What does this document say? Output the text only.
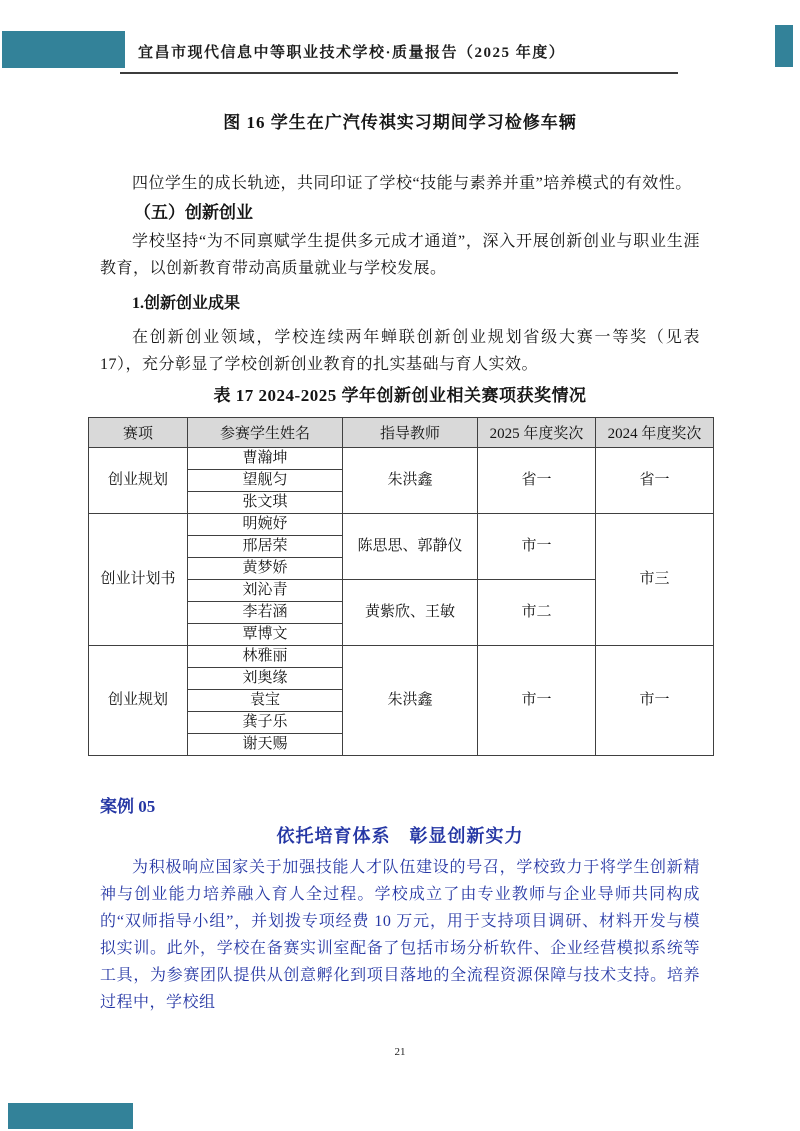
宜昌市现代信息中等职业技术学校·质量报告（2025 年度）
图 16 学生在广汽传祺实习期间学习检修车辆

四位学生的成长轨迹，共同印证了学校“技能与素养并重”培养模式的有效性。

（五）创新创业

学校坚持“为不同禀赋学生提供多元成才通道”，深入开展创新创业与职业生涯教育，以创新教育带动高质量就业与学校发展。

1.创新创业成果

在创新创业领域，学校连续两年蝉联创新创业规划省级大赛一等奖（见表 17），充分彰显了学校创新创业教育的扎实基础与育人实效。

表 17 2024-2025 学年创新创业相关赛项获奖情况
赛项	参赛学生姓名	指导教师	2025 年度奖次	2024 年度奖次
创业规划	曹瀚坤	朱洪鑫	省一	省一
	望舰匀			
	张文琪			
创业计划书	明婉妤	陈思思、郭静仪	市一	市三
	邢居荣			
	黄梦娇			
	刘沁青	黄紫欣、王敏	市二	
	李若涵			
	覃博文			
创业规划	林雅丽	朱洪鑫	市一	市一
	刘奥缘			
	袁宝			
	龚子乐			
	谢天赐			
案例 05
依托培育体系　彰显创新实力

为积极响应国家关于加强技能人才队伍建设的号召，学校致力于将学生创新精神与创业能力培养融入育人全过程。学校成立了由专业教师与企业导师共同构成的“双师指导小组”，并划拨专项经费 10 万元，用于支持项目调研、材料开发与模拟实训。此外，学校在备赛实训室配备了包括市场分析软件、企业经营模拟系统等工具，为参赛团队提供从创意孵化到项目落地的全流程资源保障与技术支持。培养过程中，学校组

21
